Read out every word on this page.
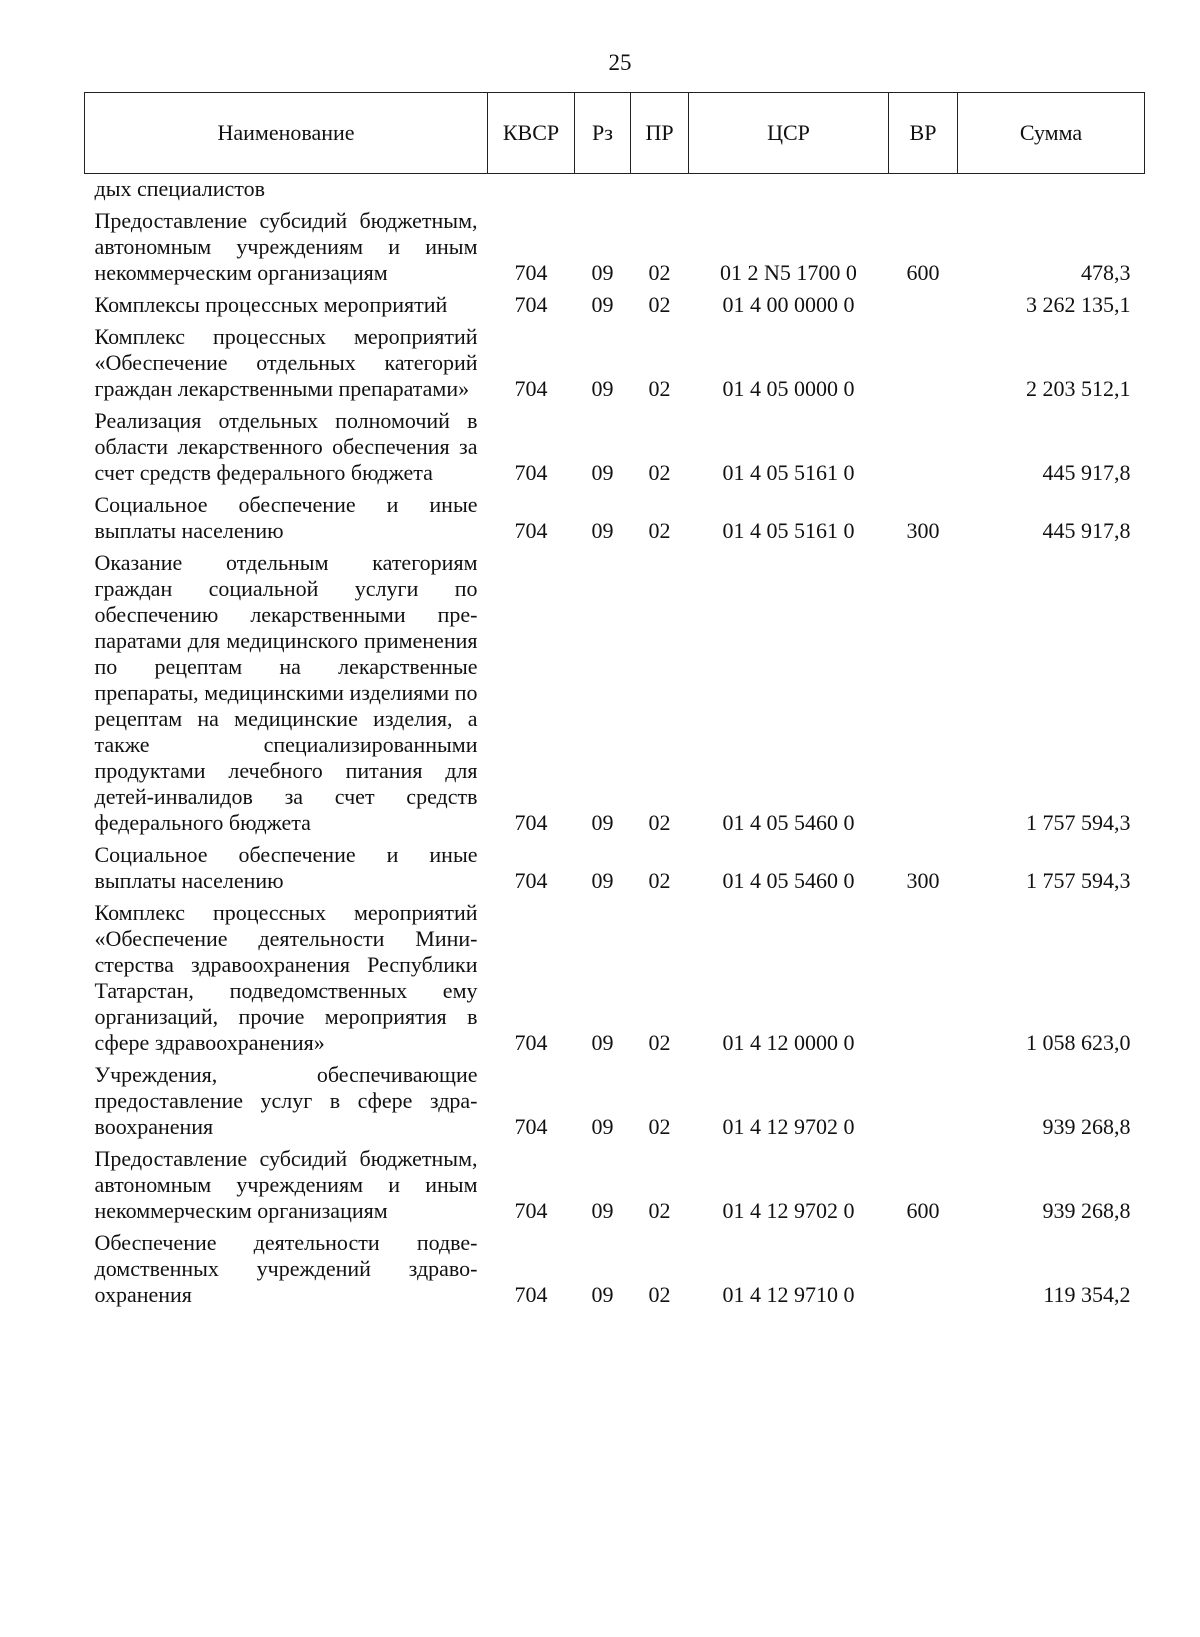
25
Наименование	КВСР	Рз	ПР	ЦСР	ВР	Сумма
дых специалистов						
Предоставление субсидий бюджетным, автономным учреждениям и иным некоммерческим организациям	704	09	02	01 2 N5 1700 0	600	478,3
Комплексы процессных мероприятий	704	09	02	01 4 00 0000 0		3 262 135,1
Комплекс процессных мероприятий «Обеспечение отдельных категорий граждан лекарственными препаратами»	704	09	02	01 4 05 0000 0		2 203 512,1
Реализация отдельных полномочий в области лекарственного обеспечения за счет средств федерального бюджета	704	09	02	01 4 05 5161 0		445 917,8
Социальное обеспечение и иные выплаты населению	704	09	02	01 4 05 5161 0	300	445 917,8
Оказание отдельным категориям граждан социальной услуги по обеспечению лекарственными препаратами для медицинского применения по рецептам на лекарственные препараты, медицинскими изделиями по рецептам на медицинские изделия, а также специализированными продуктами лечебного питания для детей-инвалидов за счет средств федерального бюджета	704	09	02	01 4 05 5460 0		1 757 594,3
Социальное обеспечение и иные выплаты населению	704	09	02	01 4 05 5460 0	300	1 757 594,3
Комплекс процессных мероприятий «Обеспечение деятельности Министерства здравоохранения Республики Татарстан, подведомственных ему организаций, прочие мероприятия в сфере здравоохранения»	704	09	02	01 4 12 0000 0		1 058 623,0
Учреждения, обеспечивающие предоставление услуг в сфере здравоохранения	704	09	02	01 4 12 9702 0		939 268,8
Предоставление субсидий бюджетным, автономным учреждениям и иным некоммерческим организациям	704	09	02	01 4 12 9702 0	600	939 268,8
Обеспечение деятельности подведомственных учреждений здравоохранения	704	09	02	01 4 12 9710 0		119 354,2
